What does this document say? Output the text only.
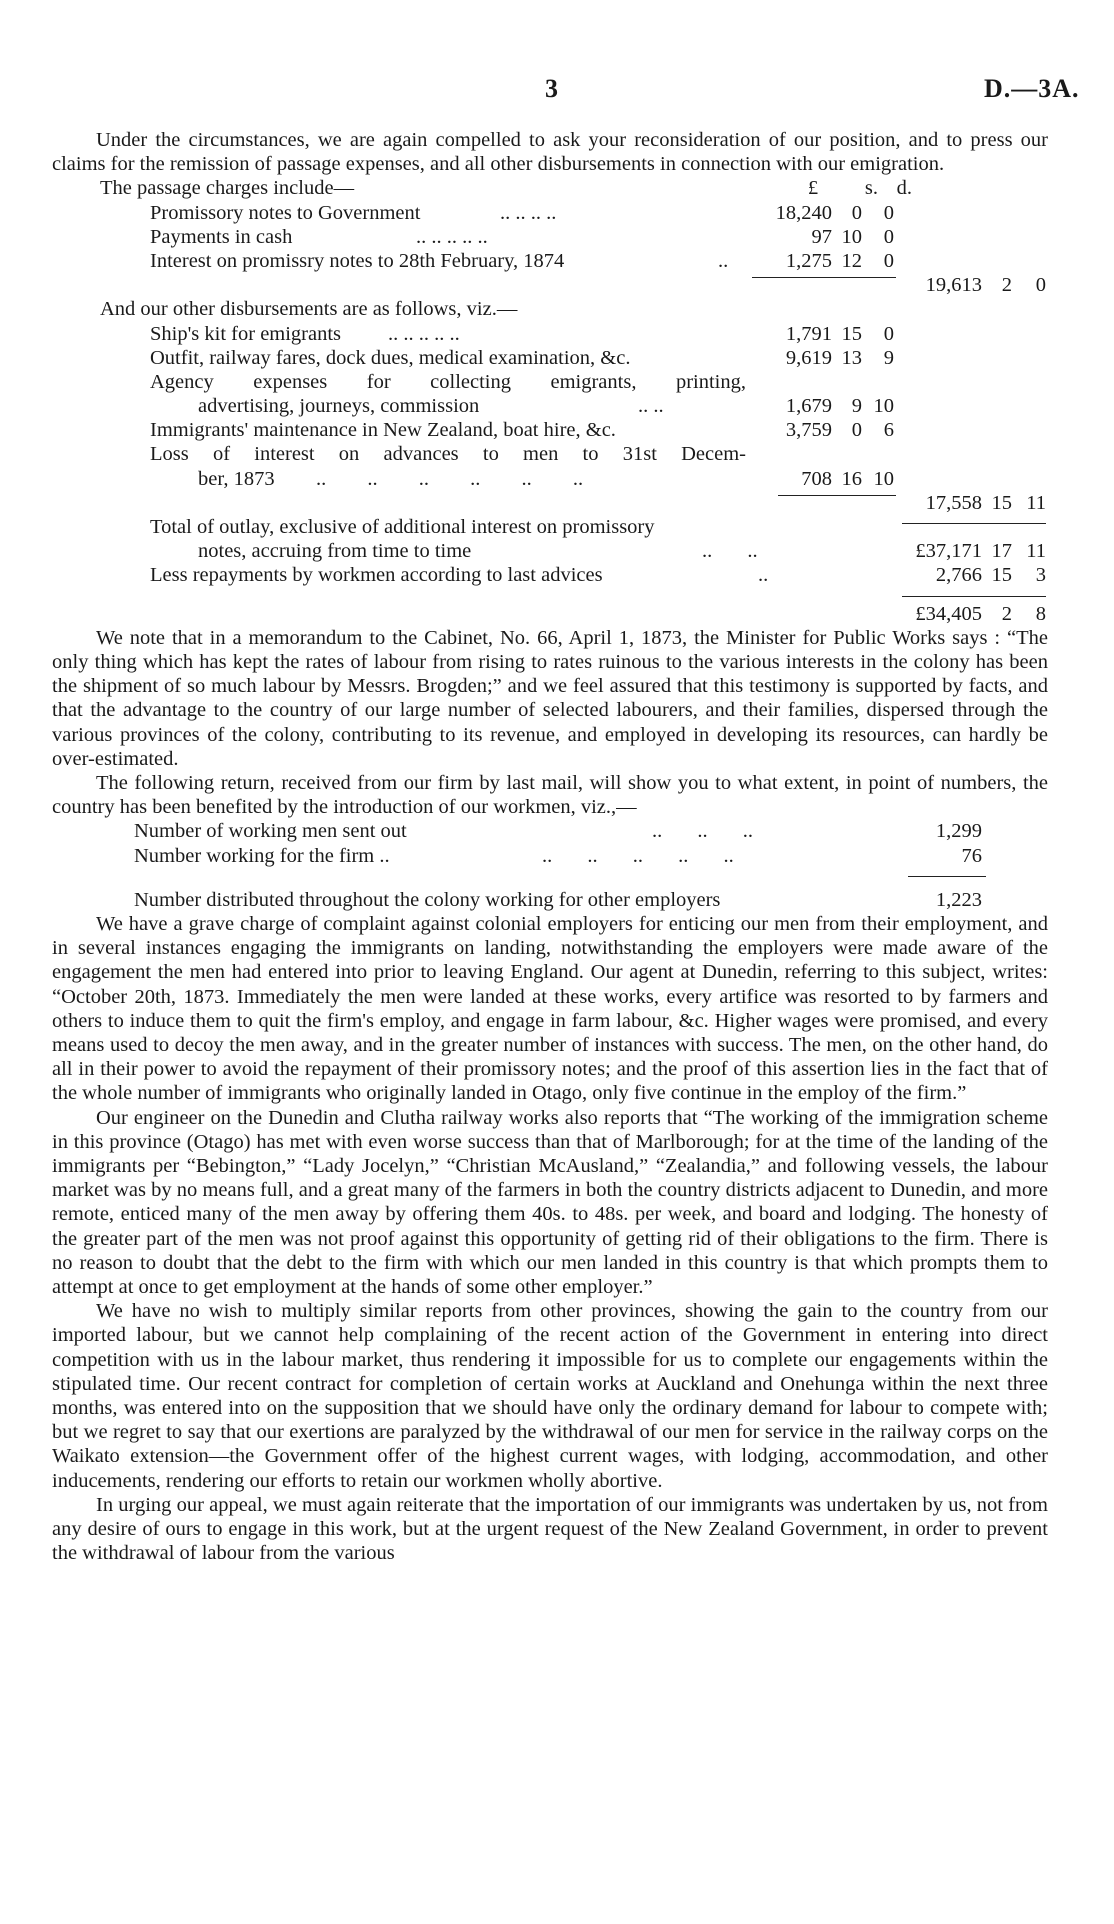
3	D.—3A.

Under the circumstances, we are again compelled to ask your reconsideration of our position, and to press our claims for the remission of passage expenses, and all other disbursements in connection with our emigration.

The passage charges include—	£	s. d.
Promissory notes to Government	.. .. .. ..	18,240 0	0
Payments in cash	.. .. .. .. ..	97 10	0
Interest on promissry notes to 28th February, 1874	..	1,275 12	0
19,613 2	0
And our other disbursements are as follows, viz.—
Ship's kit for emigrants .. .. .. .. ..	1,791 15	0
Outfit, railway fares, dock dues, medical examination, &c.	9,619 13	9
Agency expenses for collecting emigrants, printing,
advertising, journeys, commission	.. ..	1,679 9 10
Immigrants' maintenance in New Zealand, boat hire, &c.	3,759 0	6
Loss of interest on advances to men to 31st Decem-
ber, 1873 .. .. .. .. .. ..	708 16 10
17,558 15 11
Total of outlay, exclusive of additional interest on promissory
notes, accruing from time to time	.. ..	£37,171 17 11
Less repayments by workmen according to last advices	..	2,766 15	3
£34,405 2	8

We note that in a memorandum to the Cabinet, No. 66, April 1, 1873, the Minister for Public Works says : “The only thing which has kept the rates of labour from rising to rates ruinous to the various interests in the colony has been the shipment of so much labour by Messrs. Brogden;” and we feel assured that this testimony is supported by facts, and that the advantage to the country of our large number of selected labourers, and their families, dispersed through the various provinces of the colony, contributing to its revenue, and employed in developing its resources, can hardly be over-estimated.

The following return, received from our firm by last mail, will show you to what extent, in point of numbers, the country has been benefited by the introduction of our workmen, viz.,—

Number of working men sent out	.. .. ..	1,299
Number working for the firm ..	.. .. .. .. ..	76
Number distributed throughout the colony working for other employers	1,223

We have a grave charge of complaint against colonial employers for enticing our men from their employment, and in several instances engaging the immigrants on landing, notwithstanding the employers were made aware of the engagement the men had entered into prior to leaving England. Our agent at Dunedin, referring to this subject, writes: “October 20th, 1873. Immediately the men were landed at these works, every artifice was resorted to by farmers and others to induce them to quit the firm's employ, and engage in farm labour, &c. Higher wages were promised, and every means used to decoy the men away, and in the greater number of instances with success. The men, on the other hand, do all in their power to avoid the repayment of their promissory notes; and the proof of this assertion lies in the fact that of the whole number of immigrants who originally landed in Otago, only five continue in the employ of the firm.”

Our engineer on the Dunedin and Clutha railway works also reports that “The working of the immigration scheme in this province (Otago) has met with even worse success than that of Marlborough; for at the time of the landing of the immigrants per “Bebington,” “Lady Jocelyn,” “Christian McAusland,” “Zealandia,” and following vessels, the labour market was by no means full, and a great many of the farmers in both the country districts adjacent to Dunedin, and more remote, enticed many of the men away by offering them 40s. to 48s. per week, and board and lodging. The honesty of the greater part of the men was not proof against this opportunity of getting rid of their obligations to the firm. There is no reason to doubt that the debt to the firm with which our men landed in this country is that which prompts them to attempt at once to get employment at the hands of some other employer.”

We have no wish to multiply similar reports from other provinces, showing the gain to the country from our imported labour, but we cannot help complaining of the recent action of the Government in entering into direct competition with us in the labour market, thus rendering it impossible for us to complete our engagements within the stipulated time. Our recent contract for completion of certain works at Auckland and Onehunga within the next three months, was entered into on the supposition that we should have only the ordinary demand for labour to compete with; but we regret to say that our exertions are paralyzed by the withdrawal of our men for service in the railway corps on the Waikato extension—the Government offer of the highest current wages, with lodging, accommodation, and other inducements, rendering our efforts to retain our workmen wholly abortive.

In urging our appeal, we must again reiterate that the importation of our immigrants was undertaken by us, not from any desire of ours to engage in this work, but at the urgent request of the New Zealand Government, in order to prevent the withdrawal of labour from the various
